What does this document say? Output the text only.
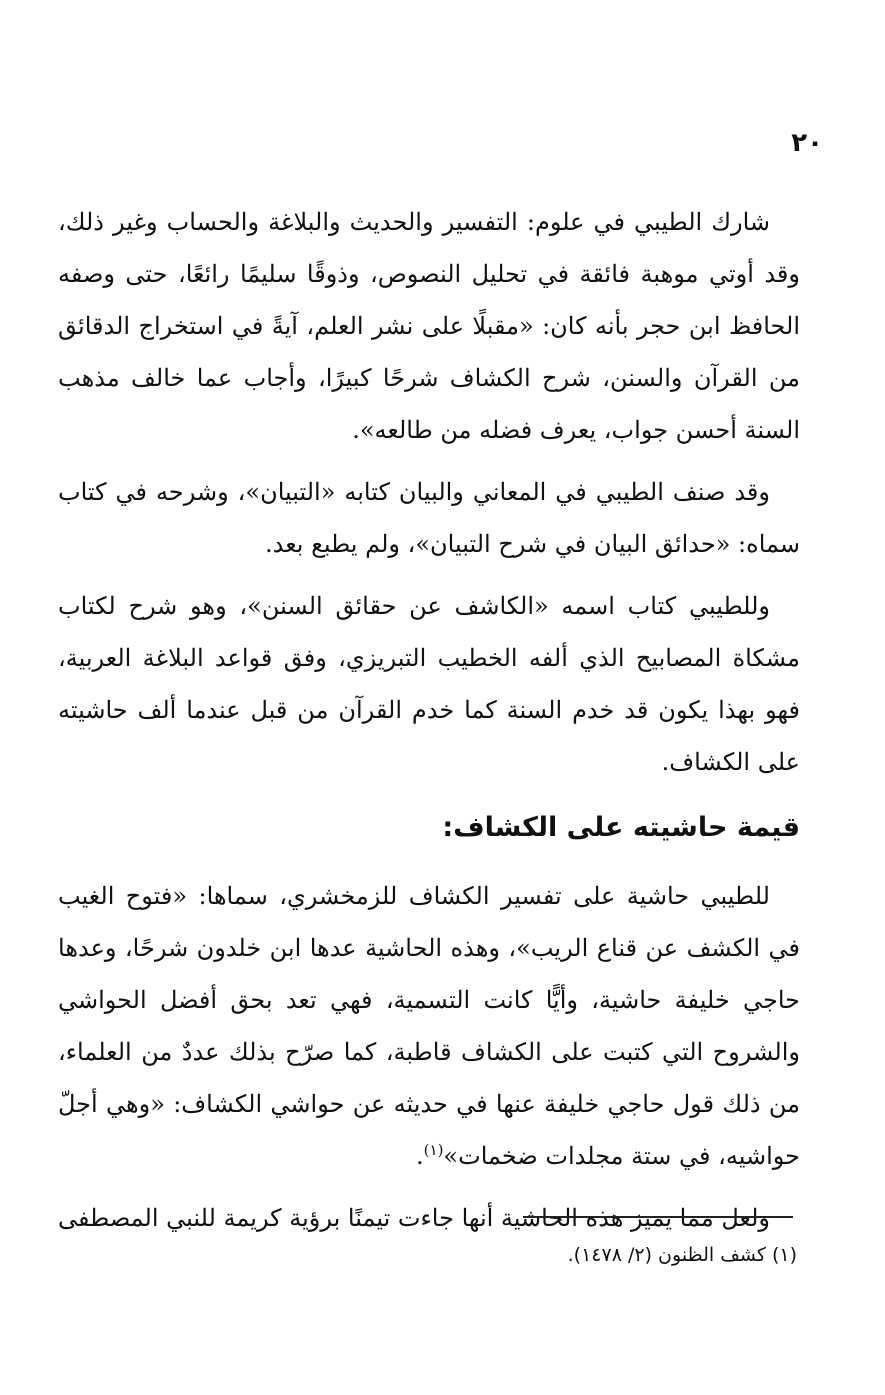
٢٠

شارك الطيبي في علوم: التفسير والحديث والبلاغة والحساب وغير ذلك، وقد أوتي موهبة فائقة في تحليل النصوص، وذوقًا سليمًا رائعًا، حتى وصفه الحافظ ابن حجر بأنه كان: «مقبلًا على نشر العلم، آيةً في استخراج الدقائق من القرآن والسنن، شرح الكشاف شرحًا كبيرًا، وأجاب عما خالف مذهب السنة أحسن جواب، يعرف فضله من طالعه».

وقد صنف الطيبي في المعاني والبيان كتابه «التبيان»، وشرحه في كتاب سماه: «حدائق البيان في شرح التبيان»، ولم يطبع بعد.

وللطيبي كتاب اسمه «الكاشف عن حقائق السنن»، وهو شرح لكتاب مشكاة المصابيح الذي ألفه الخطيب التبريزي، وفق قواعد البلاغة العربية، فهو بهذا يكون قد خدم السنة كما خدم القرآن من قبل عندما ألف حاشيته على الكشاف.

قيمة حاشيته على الكشاف:

للطيبي حاشية على تفسير الكشاف للزمخشري، سماها: «فتوح الغيب في الكشف عن قناع الريب»، وهذه الحاشية عدها ابن خلدون شرحًا، وعدها حاجي خليفة حاشية، وأيًّا كانت التسمية، فهي تعد بحق أفضل الحواشي والشروح التي كتبت على الكشاف قاطبة، كما صرّح بذلك عددٌ من العلماء، من ذلك قول حاجي خليفة عنها في حديثه عن حواشي الكشاف: «وهي أجلّ حواشيه، في ستة مجلدات ضخمات»$^{(١)}$.

ولعل مما يميز هذه الحاشية أنها جاءت تيمنًا برؤية كريمة للنبي المصطفى

(١) كشف الظنون (٢/ ١٤٧٨).
